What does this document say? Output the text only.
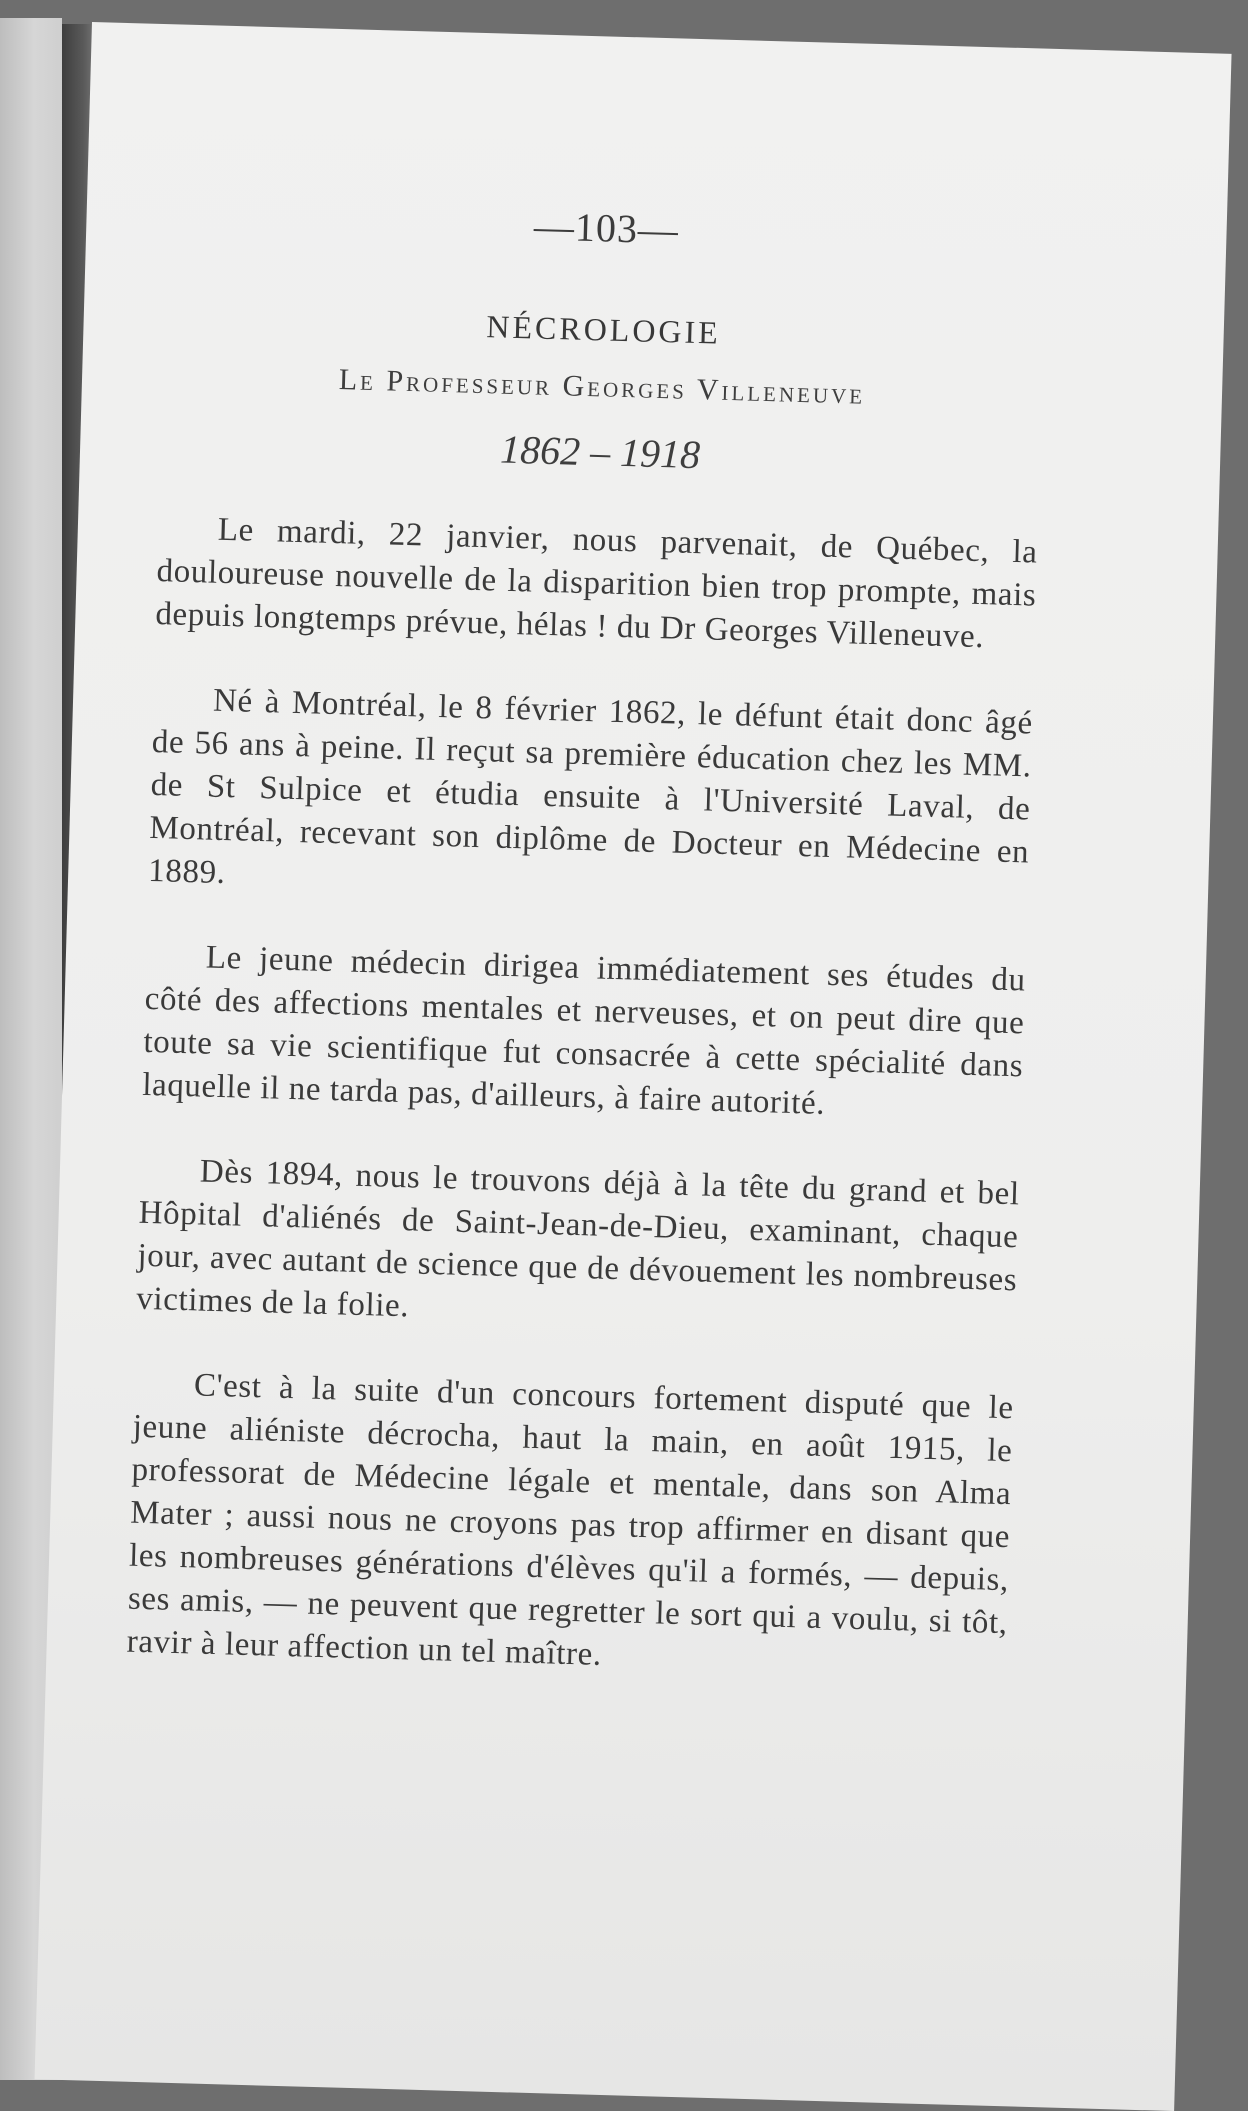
—103—
NÉCROLOGIE
Le Professeur Georges Villeneuve
1862 – 1918

Le mardi, 22 janvier, nous parvenait, de Québec, la douloureuse nouvelle de la disparition bien trop prompte, mais depuis longtemps prévue, hélas ! du Dr Georges Villeneuve.

Né à Montréal, le 8 février 1862, le défunt était donc âgé de 56 ans à peine. Il reçut sa première éducation chez les MM. de St Sulpice et étudia ensuite à l'Université Laval, de Montréal, recevant son diplôme de Docteur en Médecine en 1889.

Le jeune médecin dirigea immédiatement ses études du côté des affections mentales et nerveuses, et on peut dire que toute sa vie scientifique fut consacrée à cette spécialité dans laquelle il ne tarda pas, d'ailleurs, à faire autorité.

Dès 1894, nous le trouvons déjà à la tête du grand et bel Hôpital d'aliénés de Saint-Jean-de-Dieu, examinant, chaque jour, avec autant de science que de dévouement les nombreuses victimes de la folie.

C'est à la suite d'un concours fortement disputé que le jeune aliéniste décrocha, haut la main, en août 1915, le professorat de Médecine légale et mentale, dans son Alma Mater ; aussi nous ne croyons pas trop affirmer en disant que les nombreuses générations d'élèves qu'il a formés, — depuis, ses amis, — ne peuvent que regretter le sort qui a voulu, si tôt, ravir à leur affection un tel maître.
